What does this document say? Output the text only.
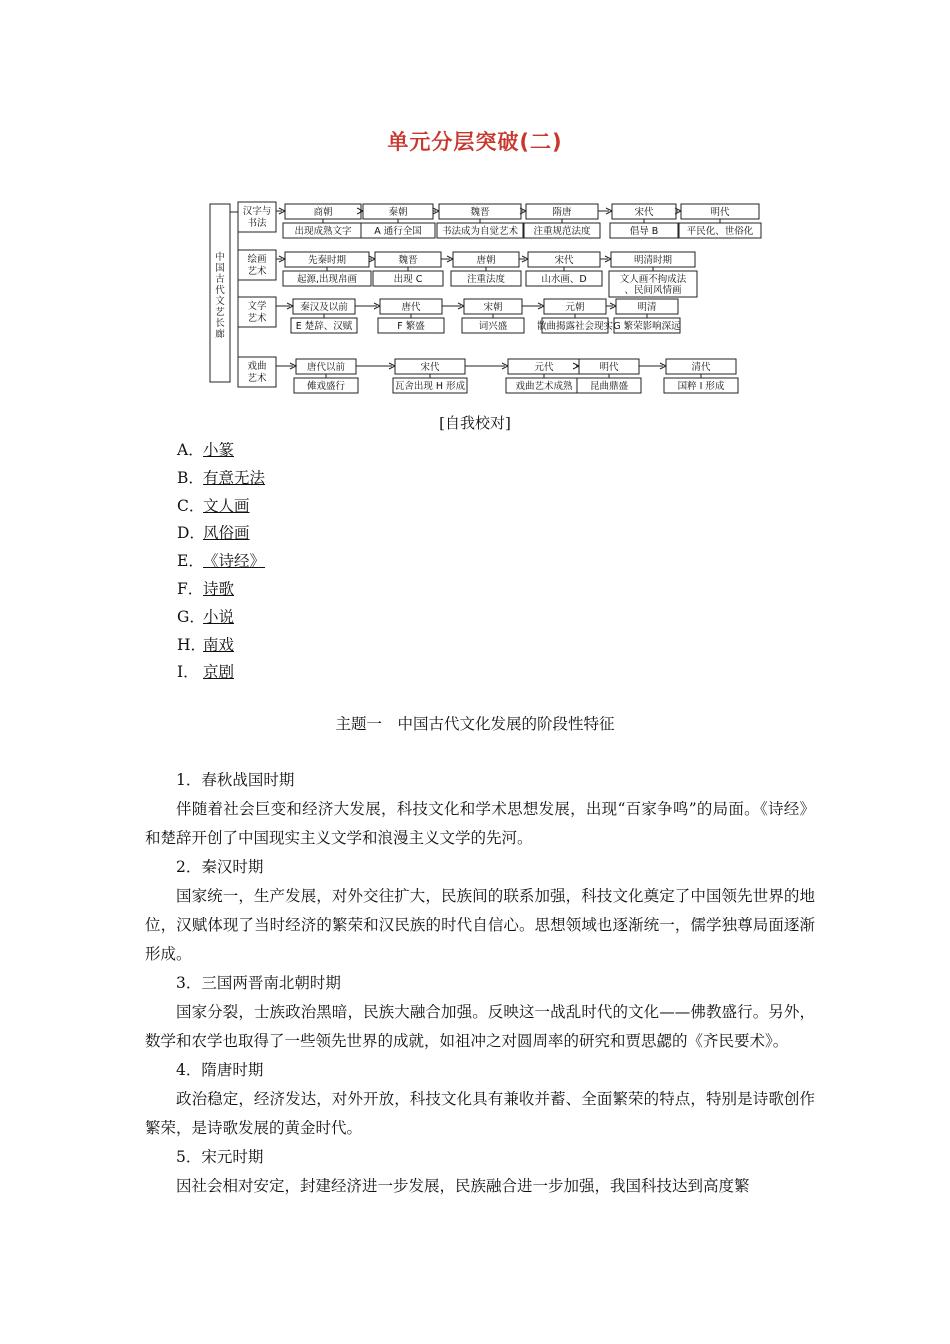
单元分层突破(二)
中国古代文艺长廊
汉字与书法
商朝
出现成熟文字
秦朝
A 通行全国
魏晋
书法成为自觉艺术
隋唐
注重规范法度
宋代
倡导 B
明代
平民化、世俗化
绘画艺术
先秦时期
起源,出现帛画
魏晋
出现 C
唐朝
注重法度
宋代
山水画、D
明清时期
文人画不拘成法、民间风情画
文学艺术
秦汉及以前
E 楚辞、汉赋
唐代
F 繁盛
宋朝
词兴盛
元朝
散曲揭露社会现实
明清
G 繁荣影响深远
戏曲艺术
唐代以前
傩戏盛行
宋代
瓦舍出现 H 形成
元代
戏曲艺术成熟
明代
昆曲鼎盛
清代
国粹 I 形成
[自我校对]
A．小篆
B．有意无法
C．文人画
D．风俗画
E．《诗经》
F．诗歌
G．小说
H．南戏
I． 京剧
主题一　中国古代文化发展的阶段性特征
1．春秋战国时期
伴随着社会巨变和经济大发展，科技文化和学术思想发展，出现“百家争鸣”的局面。《诗经》和楚辞开创了中国现实主义文学和浪漫主义文学的先河。
2．秦汉时期
国家统一，生产发展，对外交往扩大，民族间的联系加强，科技文化奠定了中国领先世界的地位，汉赋体现了当时经济的繁荣和汉民族的时代自信心。思想领域也逐渐统一，儒学独尊局面逐渐形成。
3．三国两晋南北朝时期
国家分裂，士族政治黑暗，民族大融合加强。反映这一战乱时代的文化——佛教盛行。另外，数学和农学也取得了一些领先世界的成就，如祖冲之对圆周率的研究和贾思勰的《齐民要术》。
4．隋唐时期
政治稳定，经济发达，对外开放，科技文化具有兼收并蓄、全面繁荣的特点，特别是诗歌创作繁荣，是诗歌发展的黄金时代。
5．宋元时期
因社会相对安定，封建经济进一步发展，民族融合进一步加强，我国科技达到高度繁
